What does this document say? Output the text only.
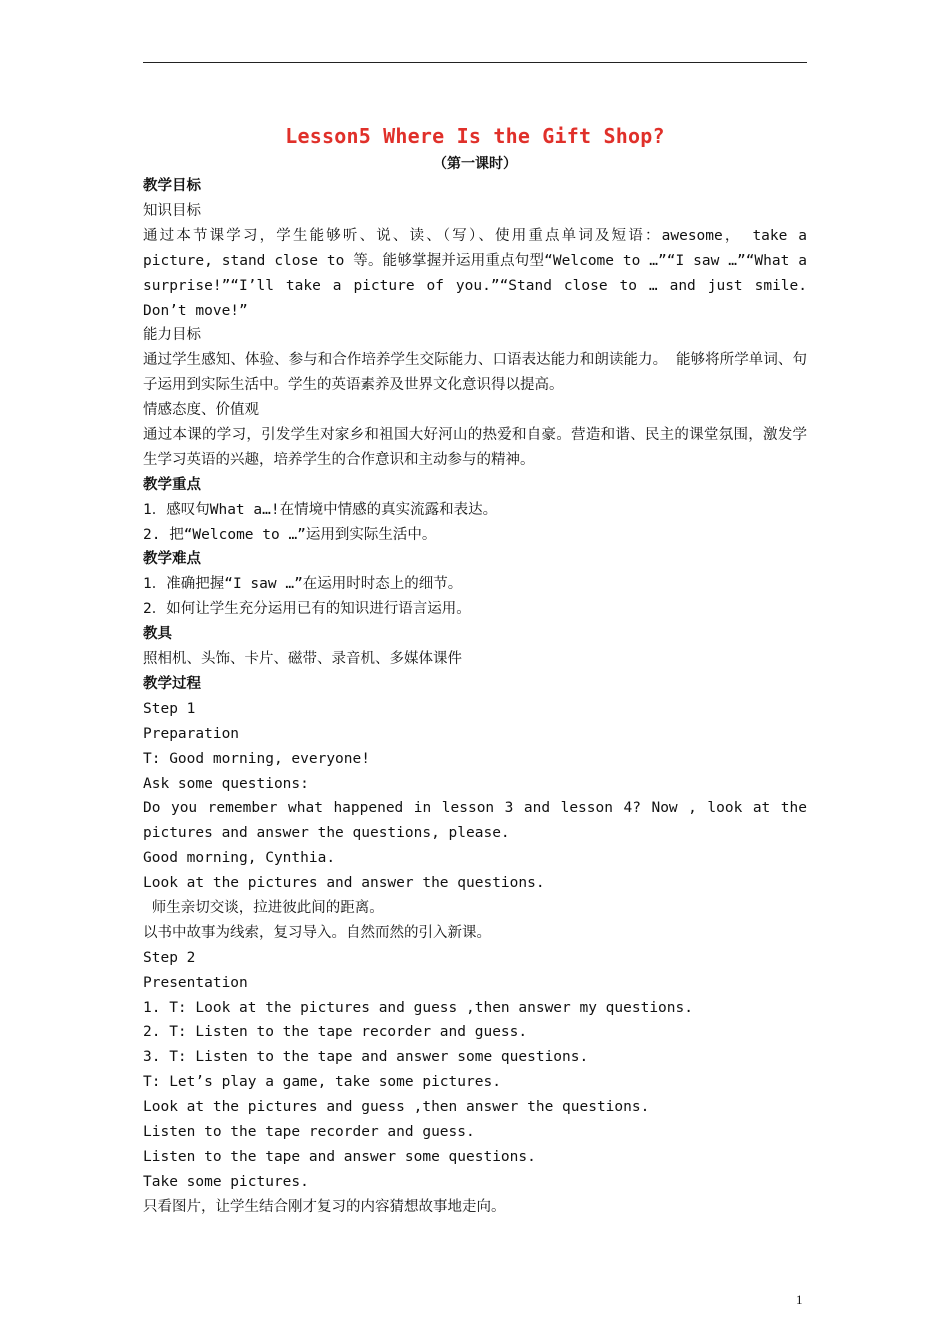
Lesson5 Where Is the Gift Shop?
（第一课时）
教学目标
知识目标
通过本节课学习，学生能够听、说、读、（写）、使用重点单词及短语：awesome， take a picture, stand close to 等。能够掌握并运用重点句型“Welcome to …”“I saw …”“What a surprise!”“I’ll take a picture of you.”“Stand close to … and just smile. Don’t move!”
能力目标
通过学生感知、体验、参与和合作培养学生交际能力、口语表达能力和朗读能力。 能够将所学单词、句子运用到实际生活中。学生的英语素养及世界文化意识得以提高。
情感态度、价值观
通过本课的学习，引发学生对家乡和祖国大好河山的热爱和自豪。营造和谐、民主的课堂氛围，激发学生学习英语的兴趣，培养学生的合作意识和主动参与的精神。
教学重点
1．感叹句What a…!在情境中情感的真实流露和表达。
2. 把“Welcome to …”运用到实际生活中。
教学难点
1．准确把握“I saw …”在运用时时态上的细节。
2．如何让学生充分运用已有的知识进行语言运用。
教具
照相机、头饰、卡片、磁带、录音机、多媒体课件
教学过程
Step 1
Preparation
T: Good morning, everyone!
Ask some questions:
Do you remember what happened in lesson 3 and lesson 4? Now , look at the pictures and answer the questions, please.
Good morning, Cynthia.
Look at the pictures and answer the questions.
师生亲切交谈，拉进彼此间的距离。
以书中故事为线索，复习导入。自然而然的引入新课。
Step 2
Presentation
1. T: Look at the pictures and guess ,then answer my questions.
2. T: Listen to the tape recorder and guess.
3. T: Listen to the tape and answer some questions.
T: Let’s play a game, take some pictures.
Look at the pictures and guess ,then answer the questions.
Listen to the tape recorder and guess.
Listen to the tape and answer some questions.
Take some pictures.
只看图片，让学生结合刚才复习的内容猜想故事地走向。
1
